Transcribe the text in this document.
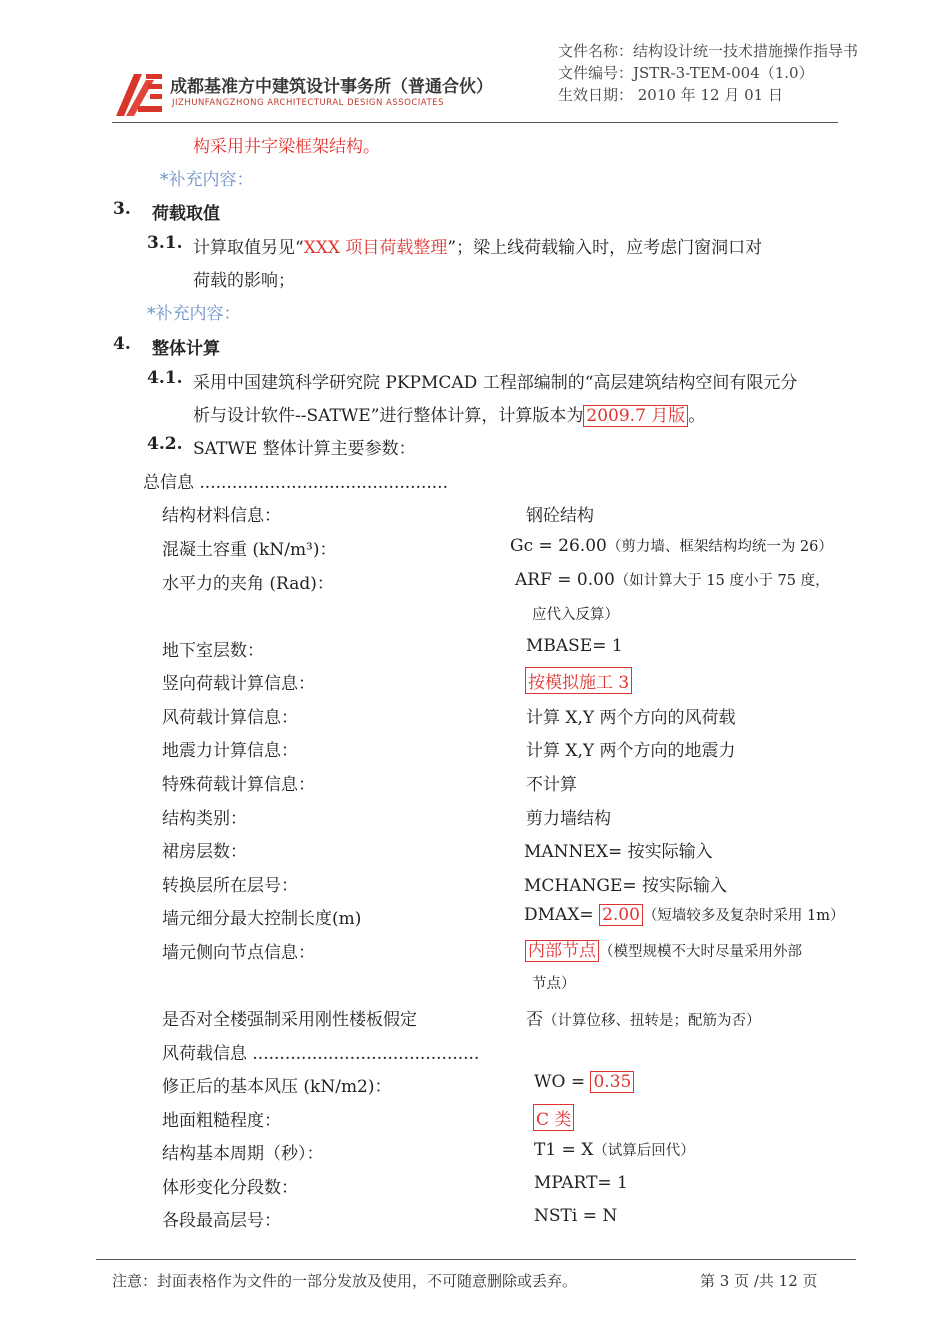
成都基准方中建筑设计事务所（普通合伙）
JIZHUNFANGZHONG ARCHITECTURAL DESIGN ASSOCIATES
文件名称：结构设计统一技术措施操作指导书
文件编号：JSTR-3-TEM-004（1.0）
生效日期： 2010 年 12 月 01 日
构采用井字梁框架结构。
*补充内容：
3. 荷载取值
3.1. 计算取值另见“XXX 项目荷载整理”；梁上线荷载输入时，应考虑门窗洞口对
荷载的影响；
*补充内容：
4. 整体计算
4.1. 采用中国建筑科学研究院 PKPMCAD 工程部编制的“高层建筑结构空间有限元分
析与设计软件--SATWE”进行整体计算，计算版本为 2009.7 月版 。
4.2. SATWE 整体计算主要参数：
总信息 ..............................................
结构材料信息：	钢砼结构
混凝土容重 (kN/m³)：	Gc = 26.00（剪力墙、框架结构均统一为 26）
水平力的夹角 (Rad)：	ARF = 0.00（如计算大于 15 度小于 75 度，
应代入反算）
地下室层数：	MBASE= 1
竖向荷载计算信息：	按模拟施工 3
风荷载计算信息：	计算 X,Y 两个方向的风荷载
地震力计算信息：	计算 X,Y 两个方向的地震力
特殊荷载计算信息：	不计算
结构类别：	剪力墙结构
裙房层数：	MANNEX= 按实际输入
转换层所在层号：	MCHANGE= 按实际输入
墙元细分最大控制长度(m)	DMAX= 2.00 （短墙较多及复杂时采用 1m）
墙元侧向节点信息：	内部节点 （模型规模不大时尽量采用外部
节点）
是否对全楼强制采用刚性楼板假定	否（计算位移、扭转是；配筋为否）
风荷载信息 ..........................................
修正后的基本风压 (kN/m2)：	WO = 0.35
地面粗糙程度：	C 类
结构基本周期（秒）：	T1 = X（试算后回代）
体形变化分段数：	MPART= 1
各段最高层号：	NSTi = N
注意：封面表格作为文件的一部分发放及使用，不可随意删除或丢弃。	第 3 页 /共 12 页
